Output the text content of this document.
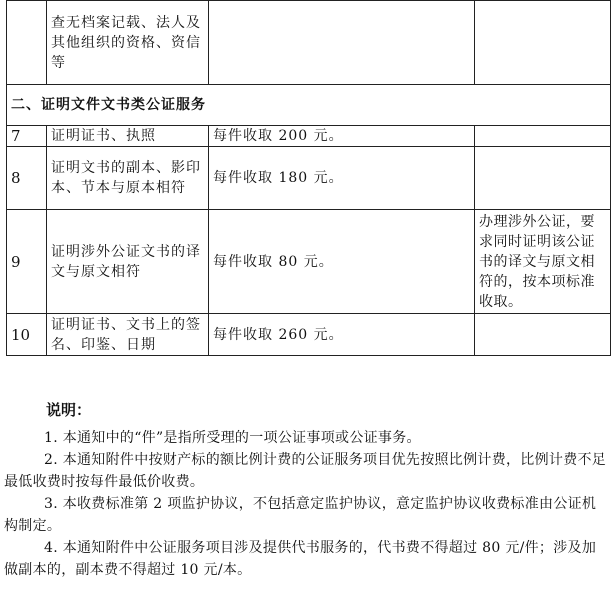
	查无档案记载、法人及其他组织的资格、资信等		
二、证明文件文书类公证服务			
7	证明证书、执照	每件收取 200 元。	
8	证明文书的副本、影印本、节本与原本相符	每件收取 180 元。	
9	证明涉外公证文书的译文与原文相符	每件收取 80 元。	办理涉外公证，要求同时证明该公证书的译文与原文相符的，按本项标准收取。
10	证明证书、文书上的签名、印鉴、日期	每件收取 260 元。	
说明：

1. 本通知中的“件”是指所受理的一项公证事项或公证事务。

2. 本通知附件中按财产标的额比例计费的公证服务项目优先按照比例计费，比例计费不足最低收费时按每件最低价收费。

3. 本收费标准第 2 项监护协议，不包括意定监护协议，意定监护协议收费标准由公证机构制定。

4. 本通知附件中公证服务项目涉及提供代书服务的，代书费不得超过 80 元/件；涉及加做副本的，副本费不得超过 10 元/本。
